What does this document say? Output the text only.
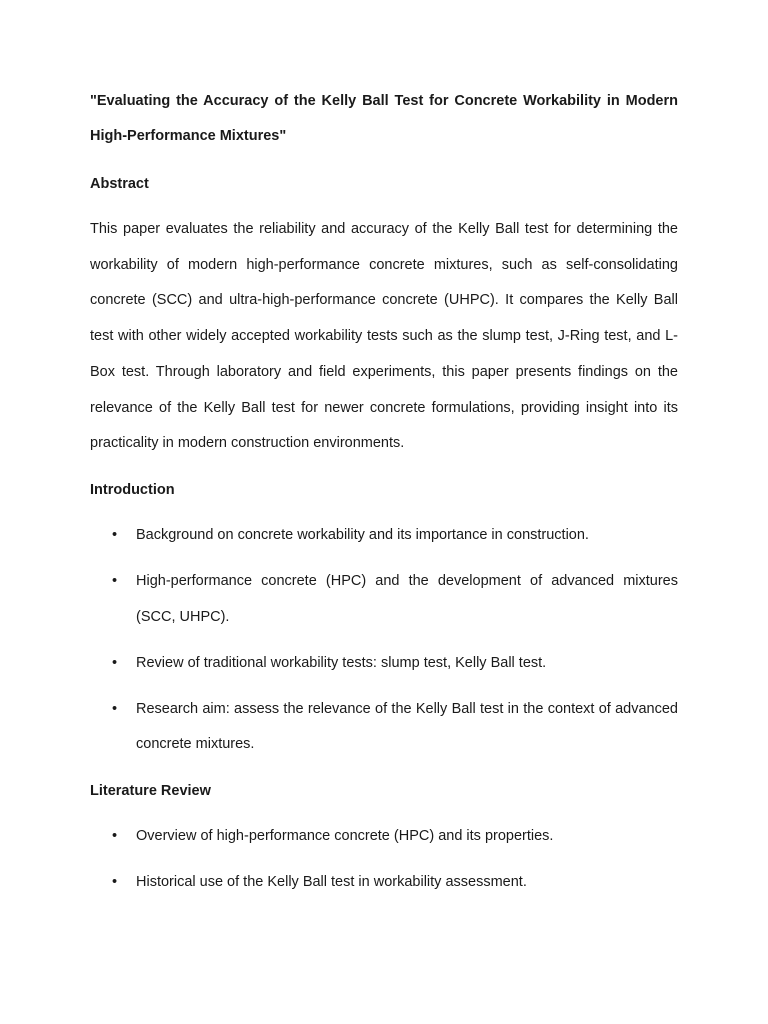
"Evaluating the Accuracy of the Kelly Ball Test for Concrete Workability in Modern High-Performance Mixtures"

Abstract

This paper evaluates the reliability and accuracy of the Kelly Ball test for determining the workability of modern high-performance concrete mixtures, such as self-consolidating concrete (SCC) and ultra-high-performance concrete (UHPC). It compares the Kelly Ball test with other widely accepted workability tests such as the slump test, J-Ring test, and L-Box test. Through laboratory and field experiments, this paper presents findings on the relevance of the Kelly Ball test for newer concrete formulations, providing insight into its practicality in modern construction environments.

Introduction

• Background on concrete workability and its importance in construction.
• High-performance concrete (HPC) and the development of advanced mixtures (SCC, UHPC).
• Review of traditional workability tests: slump test, Kelly Ball test.
• Research aim: assess the relevance of the Kelly Ball test in the context of advanced concrete mixtures.

Literature Review

• Overview of high-performance concrete (HPC) and its properties.
• Historical use of the Kelly Ball test in workability assessment.
